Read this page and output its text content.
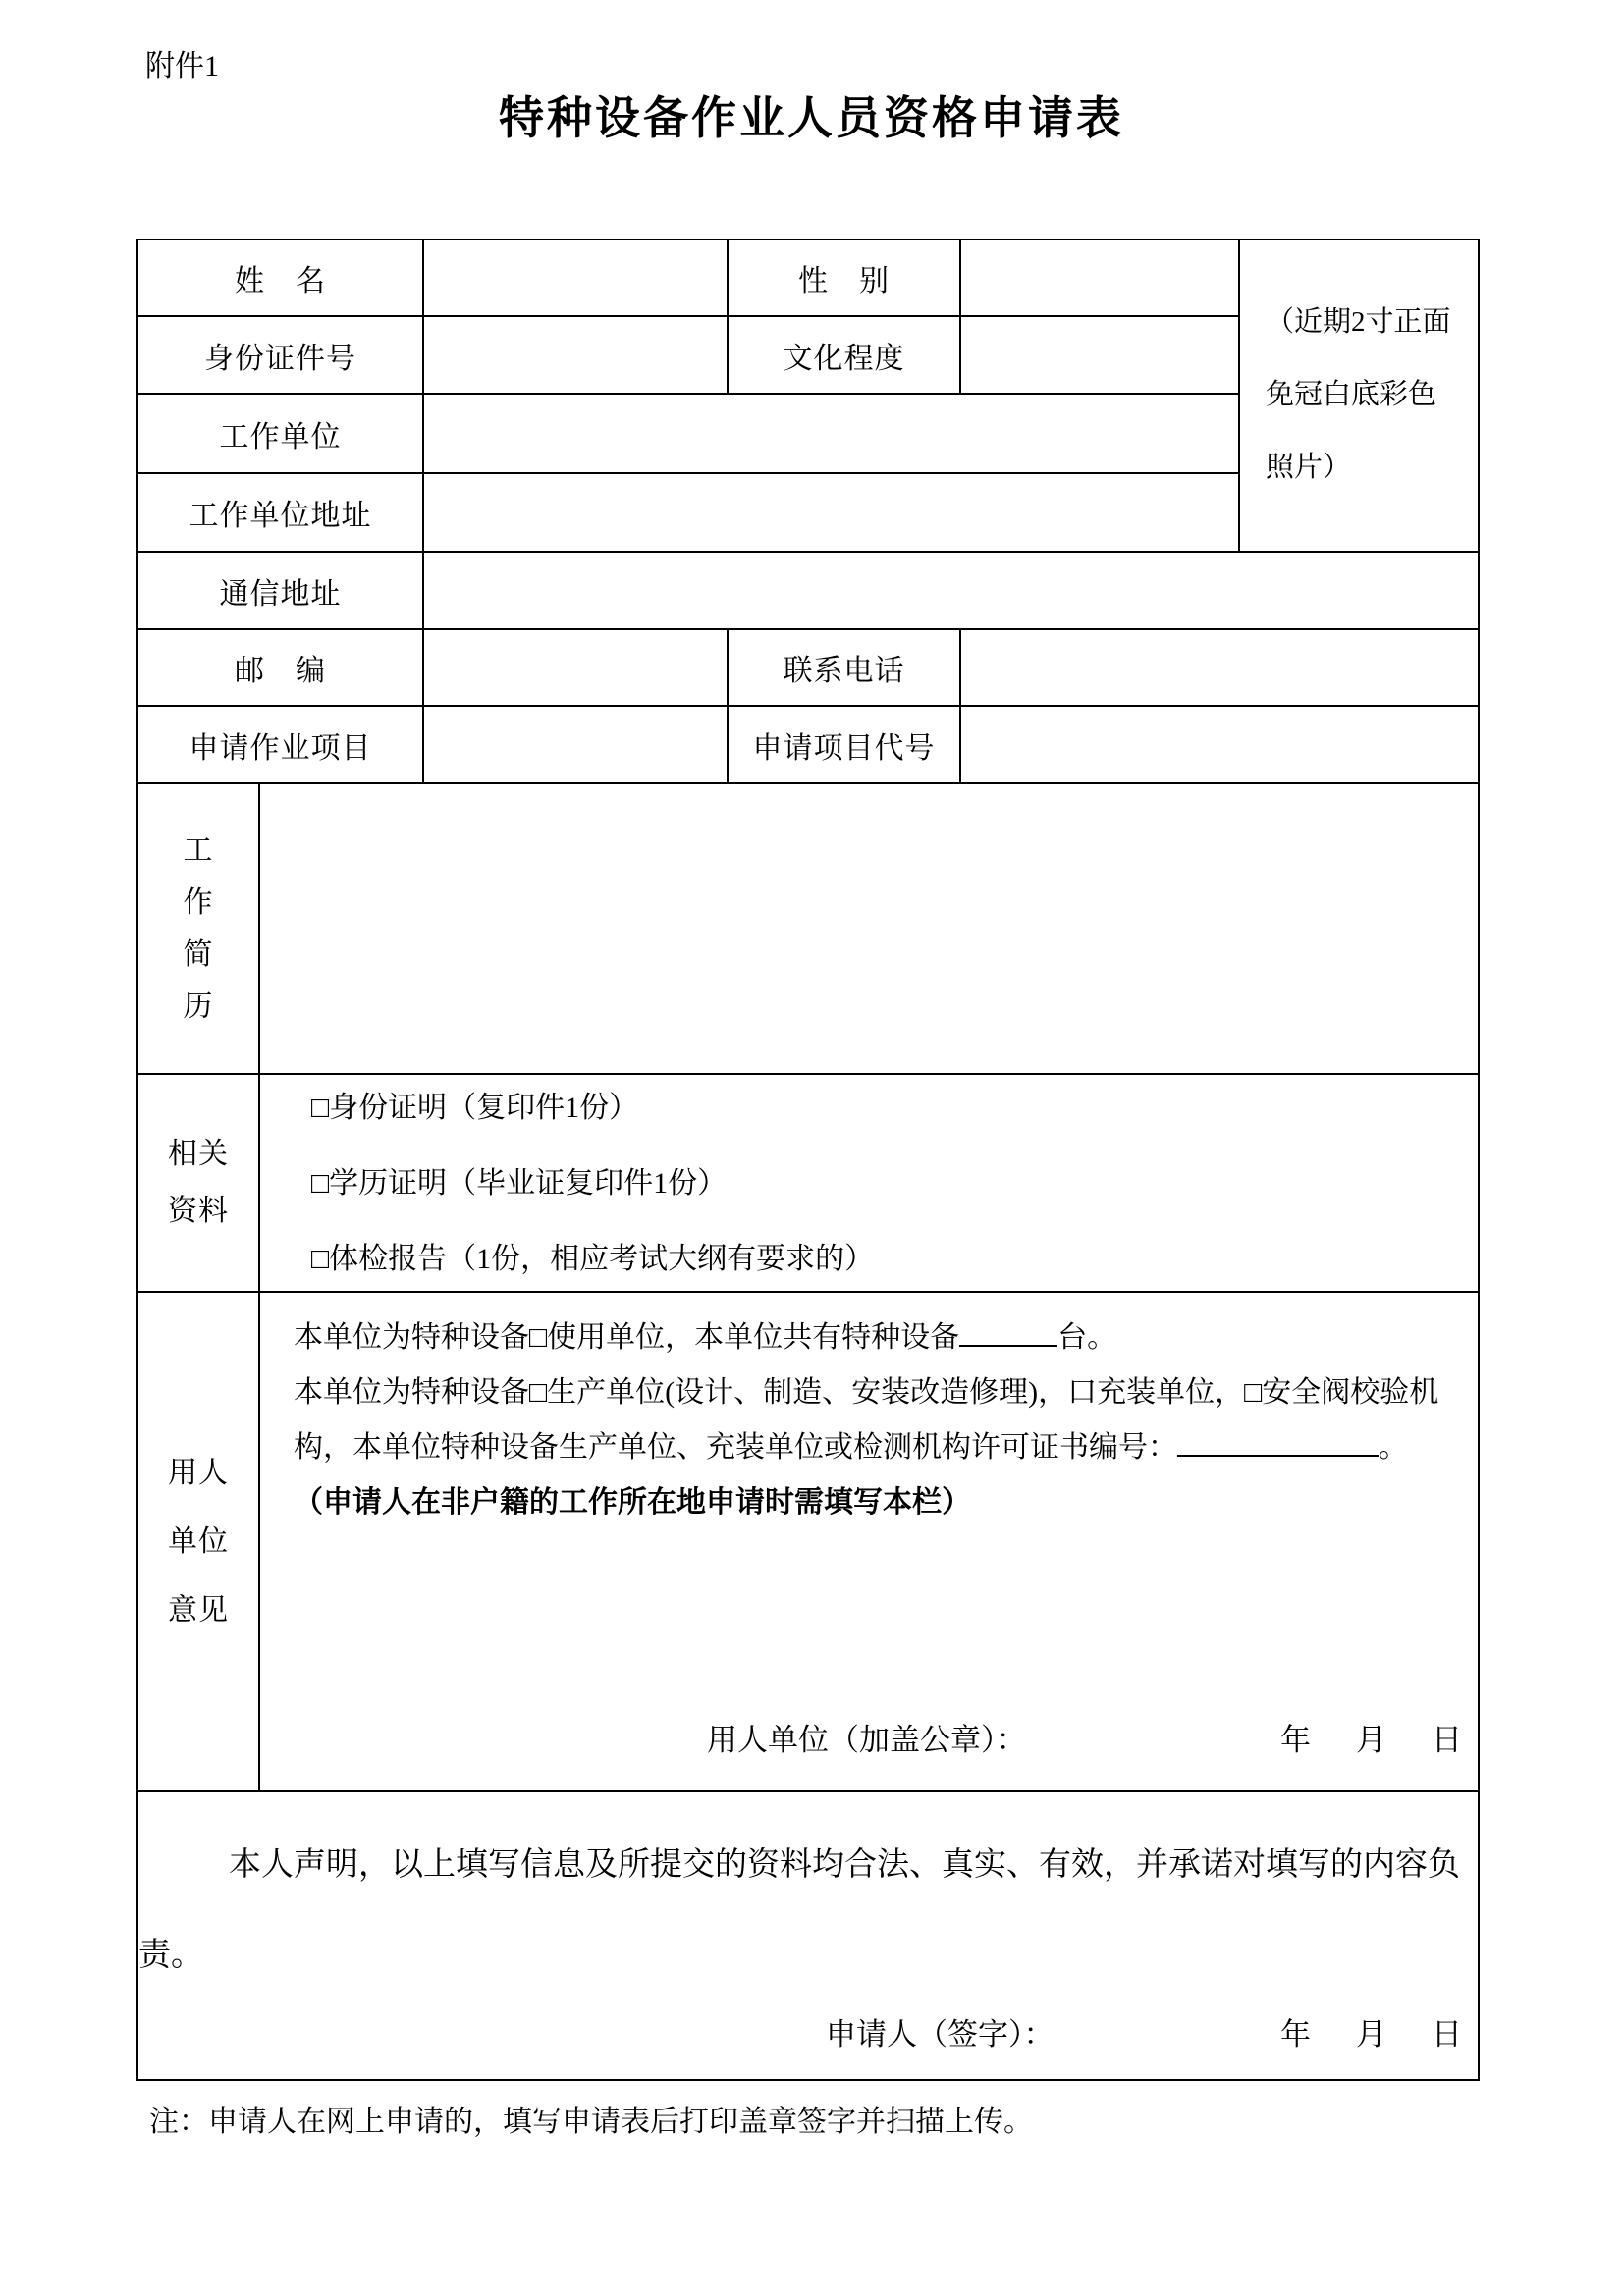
附件1
特种设备作业人员资格申请表
姓　名			性　别		（近期2寸正面免冠白底彩色照片）
身份证件号			文化程度		
工作单位					
工作单位地址					
通信地址					
邮　编			联系电话		
申请作业项目			申请项目代号		

工
作
简
历					

相关
资料

□身份证明（复印件1份）
□学历证明（毕业证复印件1份）
□体检报告（1份，相应考试大纲有要求的）

用人
单位
意见

本单位为特种设备□使用单位，本单位共有特种设备	台。

本单位为特种设备□生产单位(设计、制造、安装改造修理)，口充装单位，□安全阀校验机构，本单位特种设备生产单位、充装单位或检测机构许可证书编号：	。

（申请人在非户籍的工作所在地申请时需填写本栏）

用人单位（加盖公章）：	年 月 日

本人声明，以上填写信息及所提交的资料均合法、真实、有效，并承诺对填写的内容负责。

申请人（签字）： 年 月 日					
注：申请人在网上申请的，填写申请表后打印盖章签字并扫描上传。
